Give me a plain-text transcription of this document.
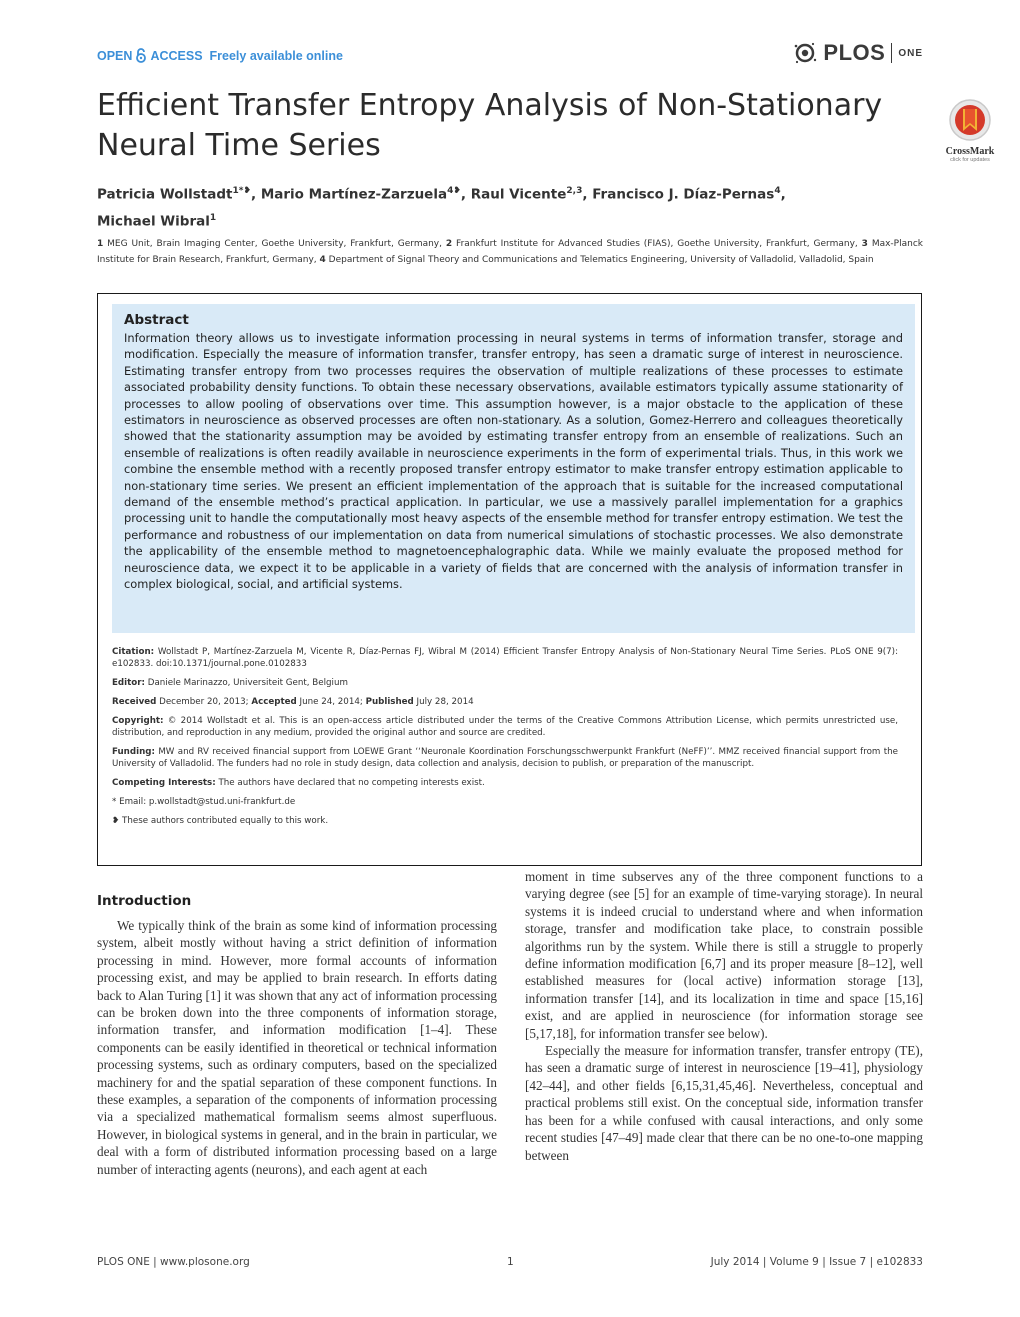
OPEN ACCESS Freely available online	PLOS ONE
Efficient Transfer Entropy Analysis of Non-Stationary
Neural Time Series	CrossMark
click for updates
Patricia Wollstadt$^{1*❥}$, Mario Martínez-Zarzuela$^{4❥}$, Raul Vicente$^{2,3}$, Francisco J. Díaz-Pernas$^4$,
Michael Wibral$^1$
1 MEG Unit, Brain Imaging Center, Goethe University, Frankfurt, Germany, 2 Frankfurt Institute for Advanced Studies (FIAS), Goethe University, Frankfurt, Germany, 3 Max-Planck Institute for Brain Research, Frankfurt, Germany, 4 Department of Signal Theory and Communications and Telematics Engineering, University of Valladolid, Valladolid, Spain
Abstract

Information theory allows us to investigate information processing in neural systems in terms of information transfer, storage and modification. Especially the measure of information transfer, transfer entropy, has seen a dramatic surge of interest in neuroscience. Estimating transfer entropy from two processes requires the observation of multiple realizations of these processes to estimate associated probability density functions. To obtain these necessary observations, available estimators typically assume stationarity of processes to allow pooling of observations over time. This assumption however, is a major obstacle to the application of these estimators in neuroscience as observed processes are often non-stationary. As a solution, Gomez-Herrero and colleagues theoretically showed that the stationarity assumption may be avoided by estimating transfer entropy from an ensemble of realizations. Such an ensemble of realizations is often readily available in neuroscience experiments in the form of experimental trials. Thus, in this work we combine the ensemble method with a recently proposed transfer entropy estimator to make transfer entropy estimation applicable to non-stationary time series. We present an efficient implementation of the approach that is suitable for the increased computational demand of the ensemble method’s practical application. In particular, we use a massively parallel implementation for a graphics processing unit to handle the computationally most heavy aspects of the ensemble method for transfer entropy estimation. We test the performance and robustness of our implementation on data from numerical simulations of stochastic processes. We also demonstrate the applicability of the ensemble method to magnetoencephalographic data. While we mainly evaluate the proposed method for neuroscience data, we expect it to be applicable in a variety of fields that are concerned with the analysis of information transfer in complex biological, social, and artificial systems.

Citation: Wollstadt P, Martínez-Zarzuela M, Vicente R, Díaz-Pernas FJ, Wibral M (2014) Efficient Transfer Entropy Analysis of Non-Stationary Neural Time Series. PLoS ONE 9(7): e102833. doi:10.1371/journal.pone.0102833

Editor: Daniele Marinazzo, Universiteit Gent, Belgium

Received December 20, 2013; Accepted June 24, 2014; Published July 28, 2014

Copyright: © 2014 Wollstadt et al. This is an open-access article distributed under the terms of the Creative Commons Attribution License, which permits unrestricted use, distribution, and reproduction in any medium, provided the original author and source are credited.

Funding: MW and RV received financial support from LOEWE Grant ‘‘Neuronale Koordination Forschungsschwerpunkt Frankfurt (NeFF)’’. MMZ received financial support from the University of Valladolid. The funders had no role in study design, data collection and analysis, decision to publish, or preparation of the manuscript.

Competing Interests: The authors have declared that no competing interests exist.

* Email: p.wollstadt@stud.uni-frankfurt.de

❥ These authors contributed equally to this work.

Introduction

We typically think of the brain as some kind of information processing system, albeit mostly without having a strict definition of information processing in mind. However, more formal accounts of information processing exist, and may be applied to brain research. In efforts dating back to Alan Turing [1] it was shown that any act of information processing can be broken down into the three components of information storage, information transfer, and information modification [1–4]. These components can be easily identified in theoretical or technical information processing systems, such as ordinary computers, based on the specialized machinery for and the spatial separation of these component functions. In these examples, a separation of the components of information processing via a specialized mathematical formalism seems almost superfluous. However, in biological systems in general, and in the brain in particular, we deal with a form of distributed information processing based on a large number of interacting agents (neurons), and each agent at each

moment in time subserves any of the three component functions to a varying degree (see [5] for an example of time-varying storage). In neural systems it is indeed crucial to understand where and when information storage, transfer and modification take place, to constrain possible algorithms run by the system. While there is still a struggle to properly define information modification [6,7] and its proper measure [8–12], well established measures for (local active) information storage [13], information transfer [14], and its localization in time and space [15,16] exist, and are applied in neuroscience (for information storage see [5,17,18], for information transfer see below).

Especially the measure for information transfer, transfer entropy (TE), has seen a dramatic surge of interest in neuroscience [19–41], physiology [42–44], and other fields [6,15,31,45,46]. Nevertheless, conceptual and practical problems still exist. On the conceptual side, information transfer has been for a while confused with causal interactions, and only some recent studies [47–49] made clear that there can be no one-to-one mapping between

PLOS ONE | www.plosone.org	1	July 2014 | Volume 9 | Issue 7 | e102833
